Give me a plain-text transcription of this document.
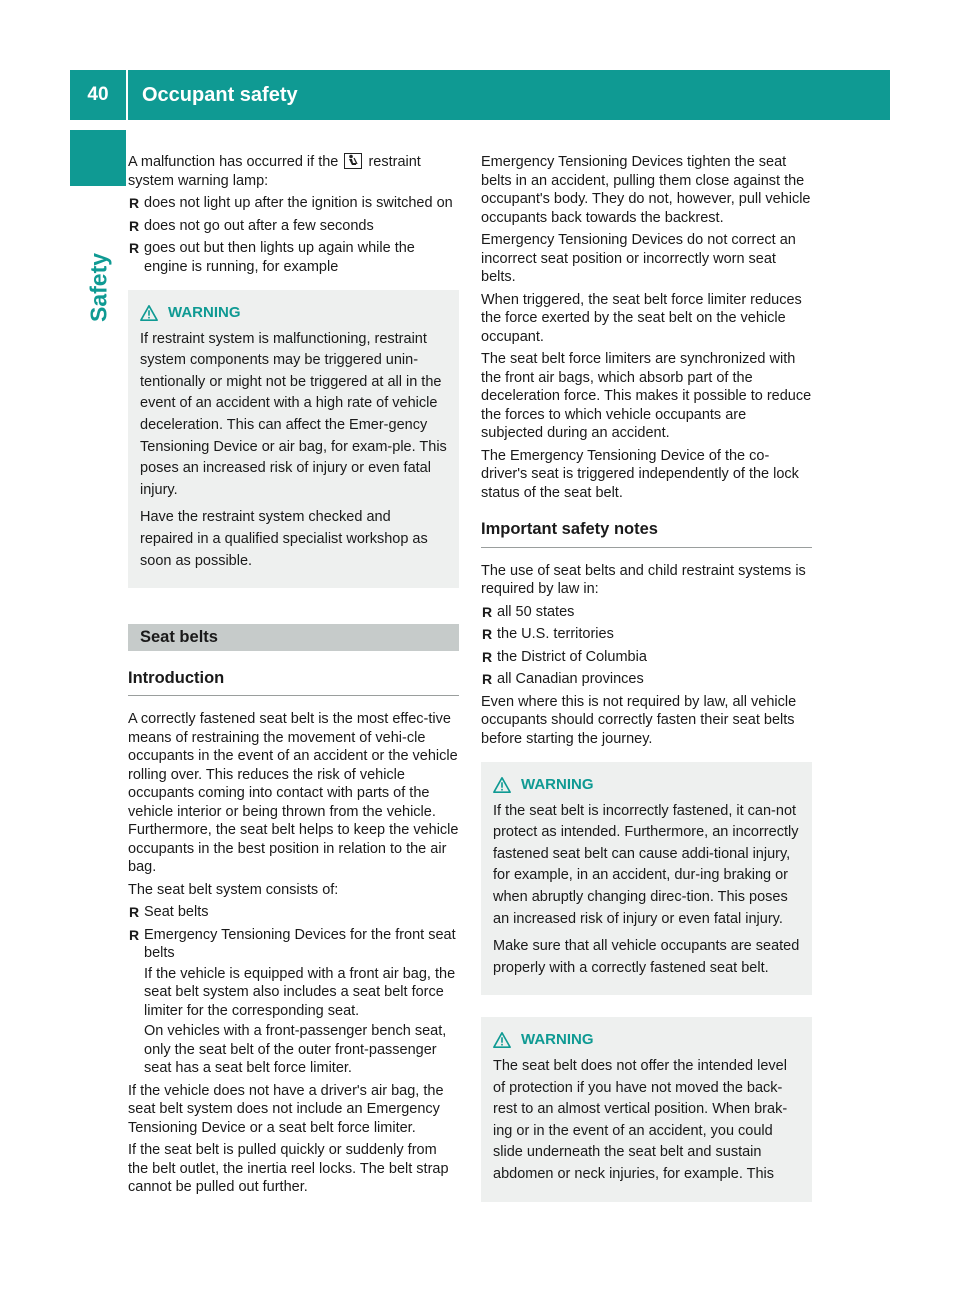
40	Occupant safety
Safety

A malfunction has occurred if the restraint system warning lamp:

R does not light up after the ignition is switched on
R does not go out after a few seconds
R goes out but then lights up again while the engine is running, for example
WARNING

If restraint system is malfunctioning, restraint system components may be triggered unin-tentionally or might not be triggered at all in the event of an accident with a high rate of vehicle deceleration. This can affect the Emer-gency Tensioning Device or air bag, for exam-ple. This poses an increased risk of injury or even fatal injury.

Have the restraint system checked and repaired in a qualified specialist workshop as soon as possible.

Seat belts
Introduction

A correctly fastened seat belt is the most effec-tive means of restraining the movement of vehi-cle occupants in the event of an accident or the vehicle rolling over. This reduces the risk of vehicle occupants coming into contact with parts of the vehicle interior or being thrown from the vehicle. Furthermore, the seat belt helps to keep the vehicle occupants in the best position in relation to the air bag.

The seat belt system consists of:

R Seat belts
R Emergency Tensioning Devices for the front seat belts
If the vehicle is equipped with a front air bag, the seat belt system also includes a seat belt force limiter for the corresponding seat.
On vehicles with a front-passenger bench seat, only the seat belt of the outer front-passenger seat has a seat belt force limiter.

If the vehicle does not have a driver's air bag, the seat belt system does not include an Emergency Tensioning Device or a seat belt force limiter.

If the seat belt is pulled quickly or suddenly from the belt outlet, the inertia reel locks. The belt strap cannot be pulled out further.

Emergency Tensioning Devices tighten the seat belts in an accident, pulling them close against the occupant's body. They do not, however, pull vehicle occupants back towards the backrest.

Emergency Tensioning Devices do not correct an incorrect seat position or incorrectly worn seat belts.

When triggered, the seat belt force limiter reduces the force exerted by the seat belt on the vehicle occupant.

The seat belt force limiters are synchronized with the front air bags, which absorb part of the deceleration force. This makes it possible to reduce the forces to which vehicle occupants are subjected during an accident.

The Emergency Tensioning Device of the co-driver's seat is triggered independently of the lock status of the seat belt.

Important safety notes

The use of seat belts and child restraint systems is required by law in:

R all 50 states
R the U.S. territories
R the District of Columbia
R all Canadian provinces

Even where this is not required by law, all vehicle occupants should correctly fasten their seat belts before starting the journey.

WARNING

If the seat belt is incorrectly fastened, it can-not protect as intended. Furthermore, an incorrectly fastened seat belt can cause addi-tional injury, for example, in an accident, dur-ing braking or when abruptly changing direc-tion. This poses an increased risk of injury or even fatal injury.

Make sure that all vehicle occupants are seated properly with a correctly fastened seat belt.

WARNING

The seat belt does not offer the intended level of protection if you have not moved the back-rest to an almost vertical position. When brak-ing or in the event of an accident, you could slide underneath the seat belt and sustain abdomen or neck injuries, for example. This
